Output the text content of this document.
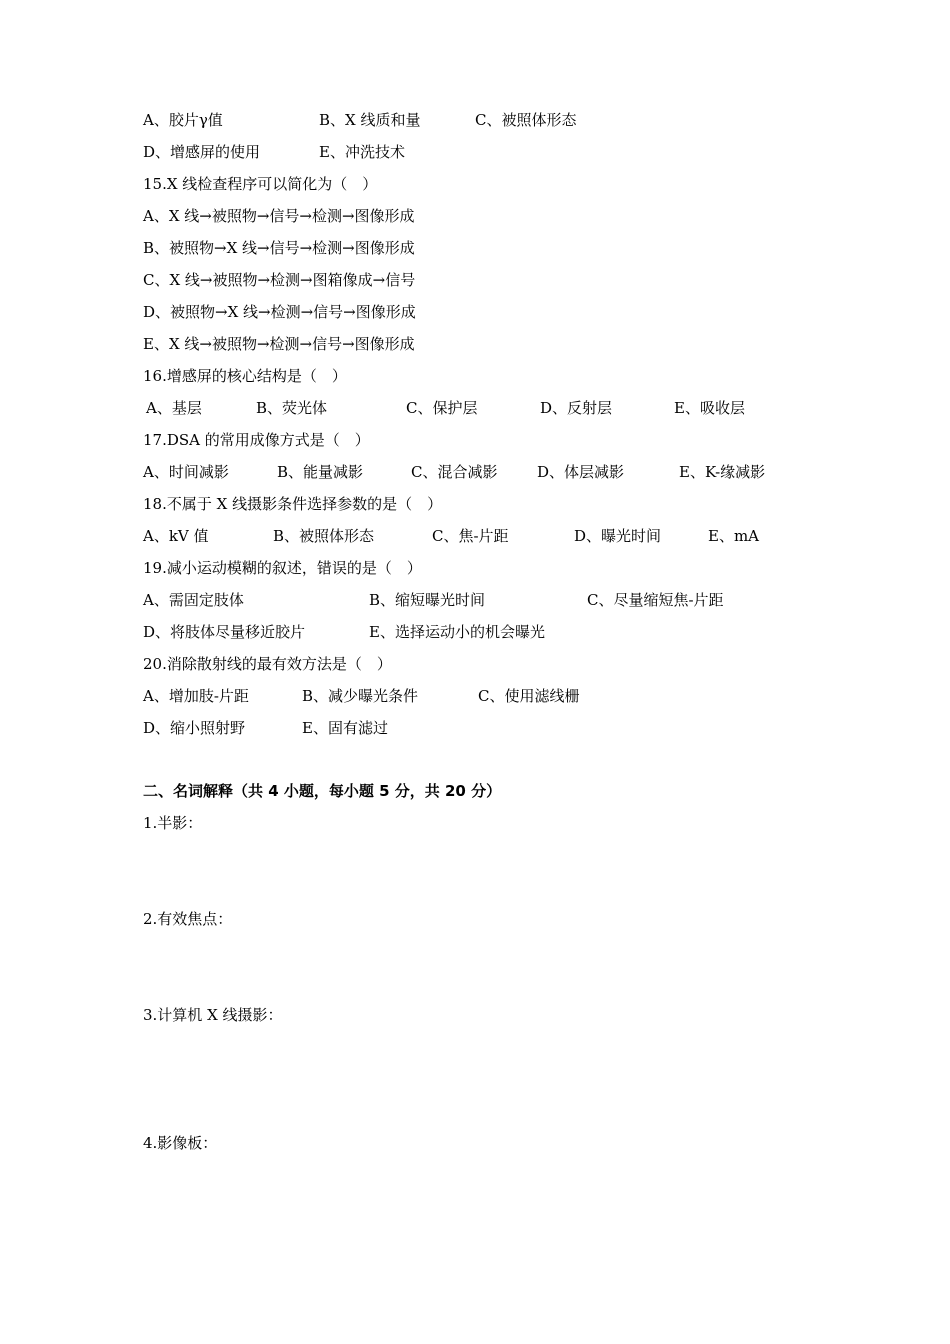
A、胶片γ值	B、X 线质和量	C、被照体形态
D、增感屏的使用	E、冲洗技术
15.X 线检查程序可以简化为（　）
A、X 线→被照物→信号→检测→图像形成
B、被照物→X 线→信号→检测→图像形成
C、X 线→被照物→检测→图箱像成→信号
D、被照物→X 线→检测→信号→图像形成
E、X 线→被照物→检测→信号→图像形成
16.增感屏的核心结构是（　）
A、基层	B、荧光体	C、保护层	D、反射层	E、吸收层
17.DSA 的常用成像方式是（　）
A、时间减影	B、能量减影	C、混合减影	D、体层减影	E、K-缘减影
18.不属于 X 线摄影条件选择参数的是（　）
A、kV 值	B、被照体形态	C、焦-片距	D、曝光时间	E、mA
19.减小运动模糊的叙述，错误的是（　）
A、需固定肢体	B、缩短曝光时间	C、尽量缩短焦-片距
D、将肢体尽量移近胶片	E、选择运动小的机会曝光
20.消除散射线的最有效方法是（　）
A、增加肢-片距	B、减少曝光条件	C、使用滤线栅
D、缩小照射野	E、固有滤过
二、名词解释（共 4 小题，每小题 5 分，共 20 分）
1.半影：
2.有效焦点：
3.计算机 X 线摄影：
4.影像板：
